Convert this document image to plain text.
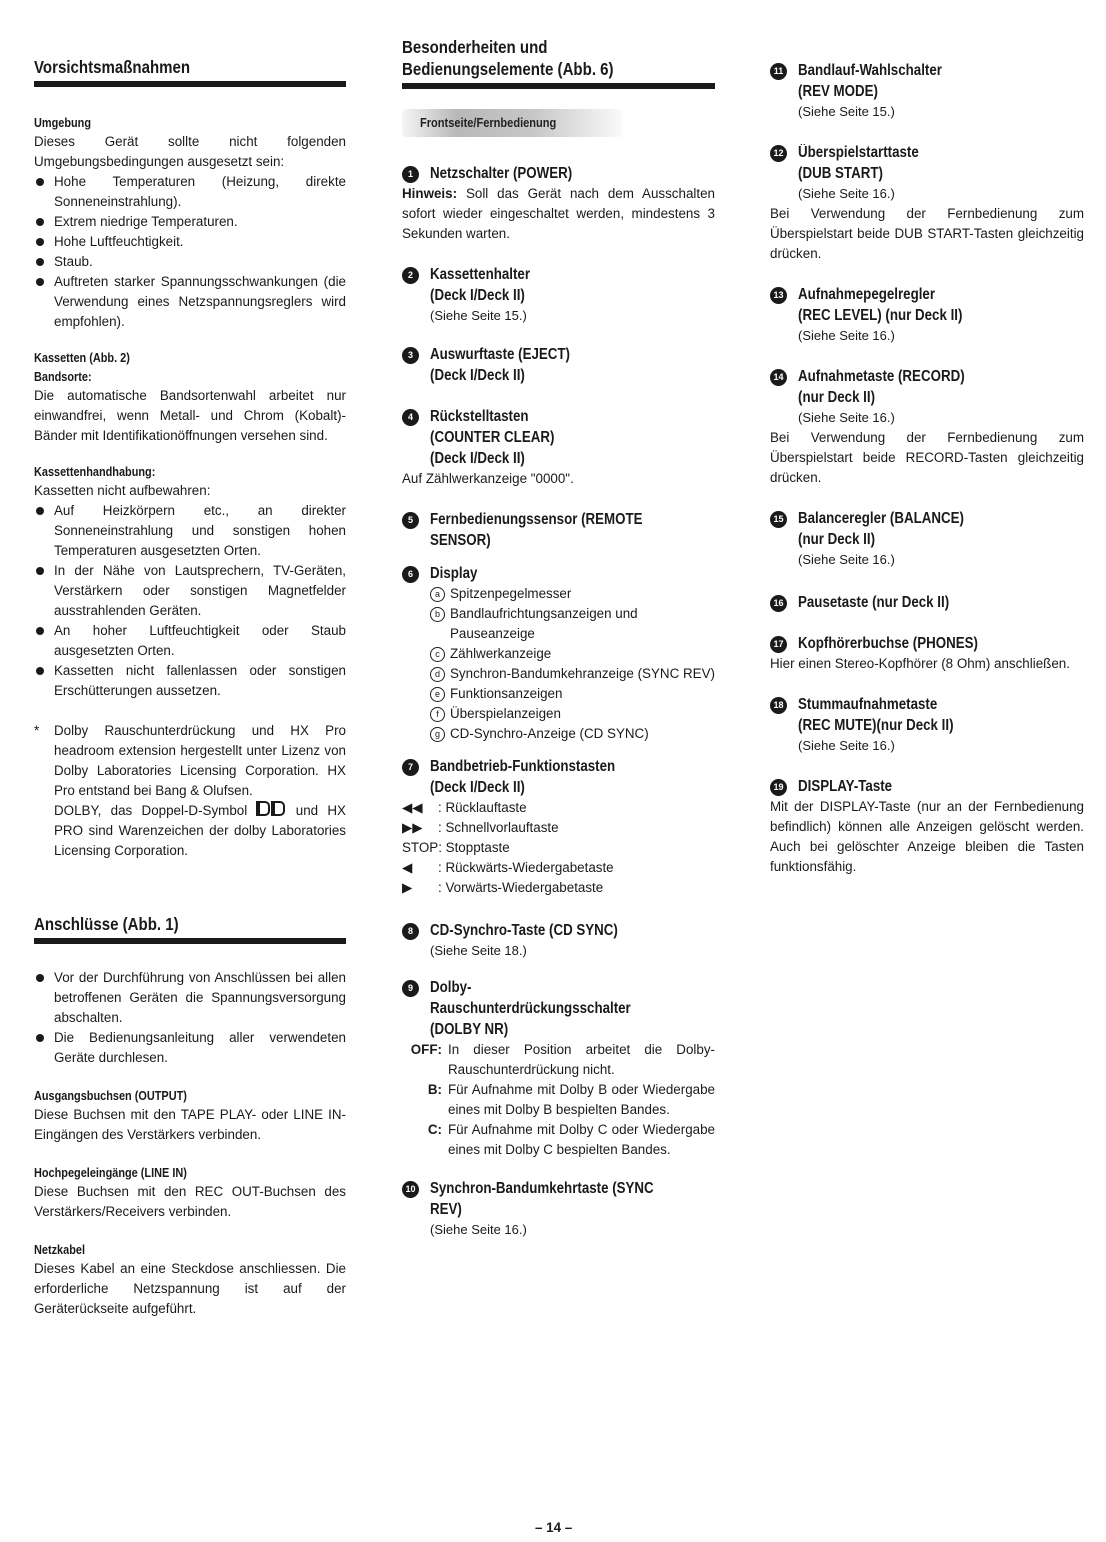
Vorsichtsmaßnahmen
Umgebung

Dieses Gerät sollte nicht folgenden Umgebungsbedingungen ausgesetzt sein:

Hohe Temperaturen (Heizung, direkte Sonneneinstrahlung).
Extrem niedrige Temperaturen.
Hohe Luftfeuchtigkeit.
Staub.
Auftreten starker Spannungsschwankungen (die Verwendung eines Netzspannungsreglers wird empfohlen).
Kassetten (Abb. 2)
Bandsorte:

Die automatische Bandsortenwahl arbeitet nur einwandfrei, wenn Metall- und Chrom (Kobalt)-Bänder mit Identifikationöffnungen versehen sind.

Kassettenhandhabung:

Kassetten nicht aufbewahren:

Auf Heizkörpern etc., an direkter Sonneneinstrahlung und sonstigen hohen Temperaturen ausgesetzten Orten.
In der Nähe von Lautsprechern, TV-Geräten, Verstärkern oder sonstigen Magnetfelder ausstrahlenden Geräten.
An hoher Luftfeuchtigkeit oder Staub ausgesetzten Orten.
Kassetten nicht fallenlassen oder sonstigen Erschütterungen aussetzen.
* Dolby Rauschunterdrückung und HX Pro headroom extension hergestellt unter Lizenz von Dolby Laboratories Licensing Corporation. HX Pro entstand bei Bang & Olufsen.
DOLBY, das Doppel-D-Symbol	und HX PRO sind Warenzeichen der dolby Laboratories Licensing Corporation.
Anschlüsse (Abb. 1)
Vor der Durchführung von Anschlüssen bei allen betroffenen Geräten die Spannungsversorgung abschalten.
Die Bedienungsanleitung aller verwendeten Geräte durchlesen.
Ausgangsbuchsen (OUTPUT)

Diese Buchsen mit den TAPE PLAY- oder LINE IN-Eingängen des Verstärkers verbinden.

Hochpegeleingänge (LINE IN)

Diese Buchsen mit den REC OUT-Buchsen des Verstärkers/Receivers verbinden.

Netzkabel

Dieses Kabel an eine Steckdose anschliessen. Die erforderliche Netzspannung ist auf der Geräterückseite aufgeführt.

Besonderheiten und
Bedienungselemente (Abb. 6)
Frontseite/Fernbedienung
1	Netzschalter (POWER)

Hinweis: Soll das Gerät nach dem Ausschalten sofort wieder eingeschaltet werden, mindestens 3 Sekunden warten.

2	Kassettenhalter
(Deck I/Deck II)
(Siehe Seite 15.)
3	Auswurftaste (EJECT)
(Deck I/Deck II)
4	Rückstelltasten
(COUNTER CLEAR)
(Deck I/Deck II)

Auf Zählwerkanzeige "0000".

5	Fernbedienungssensor (REMOTE
SENSOR)
6	Display
a Spitzenpegelmesser
b Bandlaufrichtungsanzeigen und Pauseanzeige
c Zählwerkanzeige
d Synchron-Bandumkehranzeige (SYNC REV)
e Funktionsanzeigen
f Überspielanzeigen
g CD-Synchro-Anzeige (CD SYNC)
7	Bandbetrieb-Funktionstasten
(Deck I/Deck II)
◀◀	: Rücklauftaste
▶▶	: Schnellvorlauftaste
STOP : Stopptaste
◀	: Rückwärts-Wiedergabetaste
▶	: Vorwärts-Wiedergabetaste
8	CD-Synchro-Taste (CD SYNC)
(Siehe Seite 18.)
9	Dolby-
Rauschunterdrückungsschalter
(DOLBY NR)
OFF: In dieser Position arbeitet die Dolby-Rauschunterdrückung nicht.
B: Für Aufnahme mit Dolby B oder Wiedergabe eines mit Dolby B bespielten Bandes.
C: Für Aufnahme mit Dolby C oder Wiedergabe eines mit Dolby C bespielten Bandes.
10 Synchron-Bandumkehrtaste (SYNC
REV)
(Siehe Seite 16.)
11 Bandlauf-Wahlschalter
(REV MODE)
(Siehe Seite 15.)
12 Überspielstarttaste
(DUB START)
(Siehe Seite 16.)

Bei Verwendung der Fernbedienung zum Überspielstart beide DUB START-Tasten gleichzeitig drücken.

13 Aufnahmepegelregler
(REC LEVEL) (nur Deck II)
(Siehe Seite 16.)
14 Aufnahmetaste (RECORD)
(nur Deck II)
(Siehe Seite 16.)

Bei Verwendung der Fernbedienung zum Überspielstart beide RECORD-Tasten gleichzeitig drücken.

15 Balanceregler (BALANCE)
(nur Deck II)
(Siehe Seite 16.)
16 Pausetaste (nur Deck II)
17 Kopfhörerbuchse (PHONES)

Hier einen Stereo-Kopfhörer (8 Ohm) anschließen.

18 Stummaufnahmetaste
(REC MUTE)(nur Deck II)
(Siehe Seite 16.)
19 DISPLAY-Taste

Mit der DISPLAY-Taste (nur an der Fernbedienung befindlich) können alle Anzeigen gelöscht werden. Auch bei gelöschter Anzeige bleiben die Tasten funktionsfähig.

– 14 –
